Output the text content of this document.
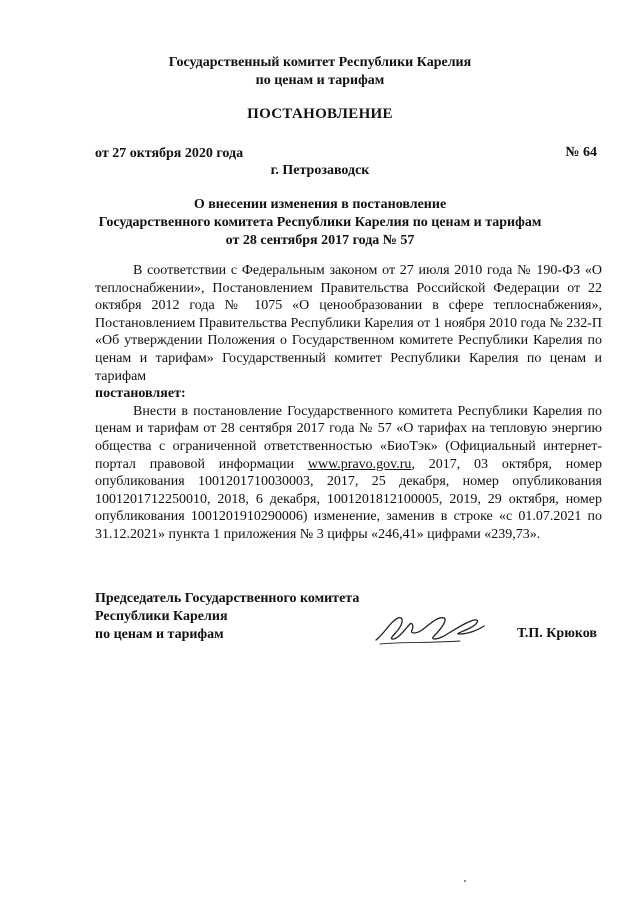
Государственный комитет Республики Карелия
по ценам и тарифам
ПОСТАНОВЛЕНИЕ
от 27 октября 2020 года	№ 64
г. Петрозаводск
О внесении изменения в постановление
Государственного комитета Республики Карелия по ценам и тарифам
от 28 сентября 2017 года № 57

В соответствии с Федеральным законом от 27 июля 2010 года № 190-ФЗ «О теплоснабжении», Постановлением Правительства Российской Федерации от 22 октября 2012 года № 1075 «О ценообразовании в сфере теплоснабжения», Постановлением Правительства Республики Карелия от 1 ноября 2010 года № 232-П «Об утверждении Положения о Государственном комитете Республики Карелия по ценам и тарифам» Государственный комитет Республики Карелия по ценам и тарифам

постановляет:

Внести в постановление Государственного комитета Республики Карелия по ценам и тарифам от 28 сентября 2017 года № 57 «О тарифах на тепловую энергию общества с ограниченной ответственностью «БиоТэк» (Официальный интернет-портал правовой информации www.pravo.gov.ru, 2017, 03 октября, номер опубликования 1001201710030003, 2017, 25 декабря, номер опубликования 1001201712250010, 2018, 6 декабря, 1001201812100005, 2019, 29 октября, номер опубликования 1001201910290006) изменение, заменив в строке «с 01.07.2021 по 31.12.2021» пункта 1 приложения № 3 цифры «246,41» цифрами «239,73».

Председатель Государственного комитета
Республики Карелия
по ценам и тарифам	Т.П. Крюков
